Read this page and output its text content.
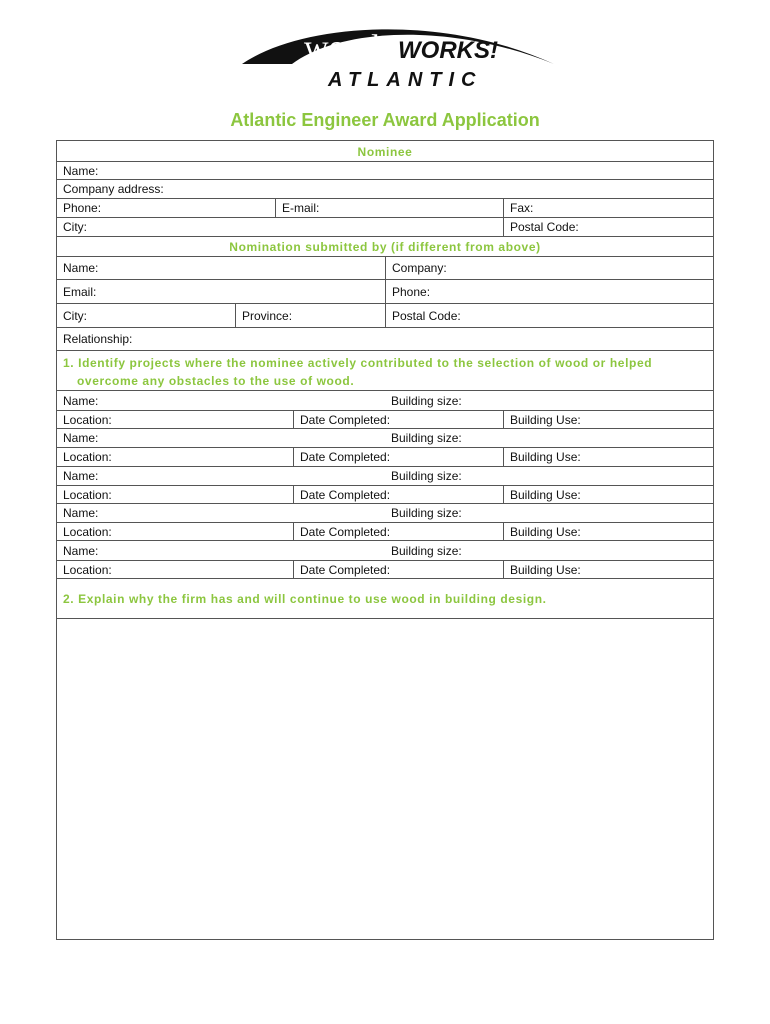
wood WORKS!
ATLANTIC
Atlantic Engineer Award Application
Nominee
Name:
Company address:
Phone:	E-mail:	Fax:
City:	Postal Code:
Nomination submitted by (if different from above)
Name:	Company:
Email:	Phone:
City:	Province:	Postal Code:
Relationship:
1. Identify projects where the nominee actively contributed to the selection of wood or helped overcome any obstacles to the use of wood.
Name:	Building size:
Location:	Date Completed:	Building Use:
Name:	Building size:
Location:	Date Completed:	Building Use:
Name:	Building size:
Location:	Date Completed:	Building Use:
Name:	Building size:
Location:	Date Completed:	Building Use:
Name:	Building size:
Location:	Date Completed:	Building Use:
2. Explain why the firm has and will continue to use wood in building design.
